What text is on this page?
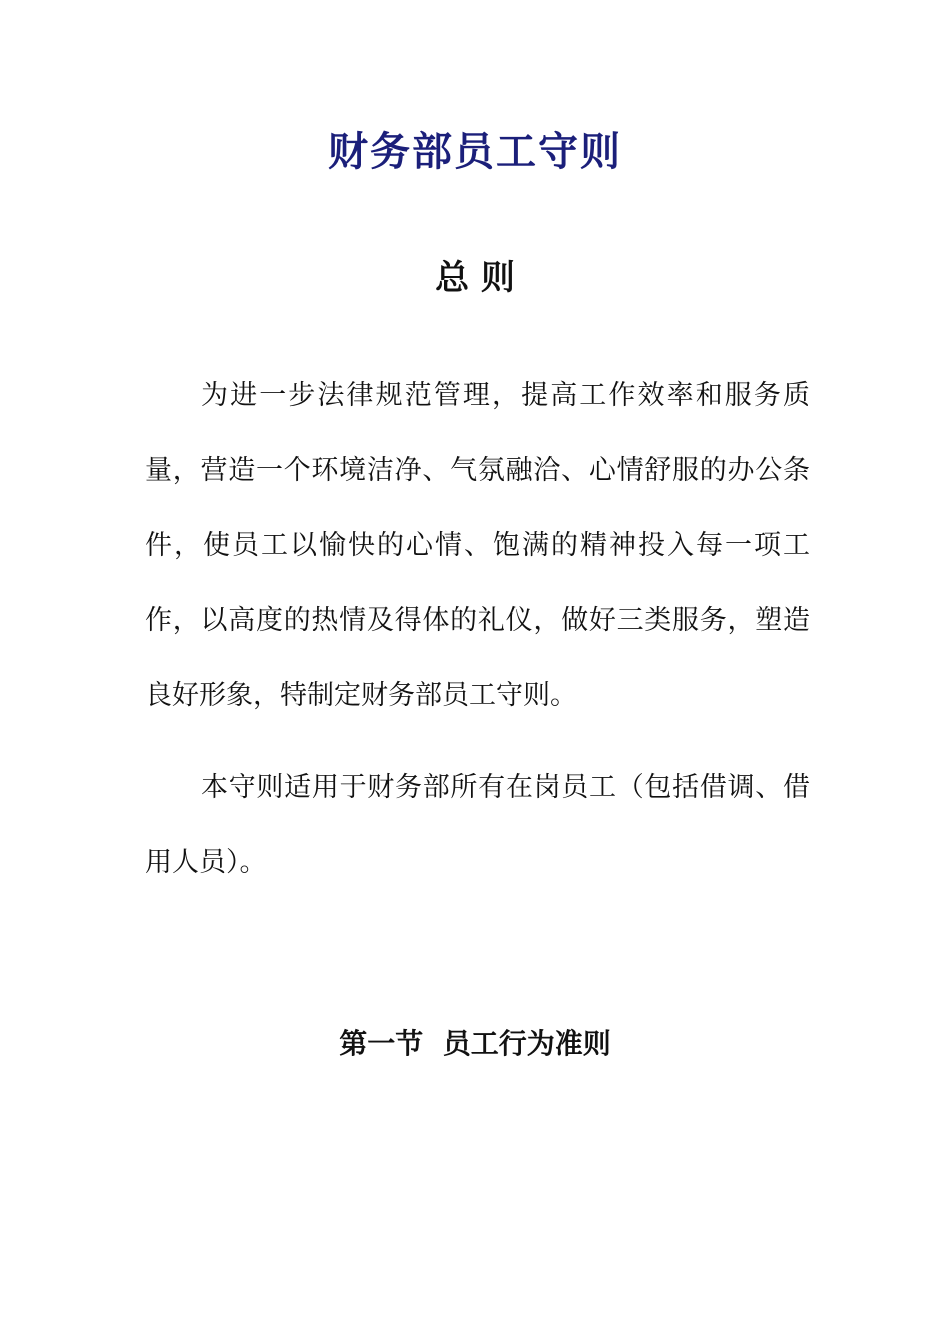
财务部员工守则
总 则

为进一步法律规范管理，提高工作效率和服务质量，营造一个环境洁净、气氛融洽、心情舒服的办公条件，使员工以愉快的心情、饱满的精神投入每一项工作，以高度的热情及得体的礼仪，做好三类服务，塑造良好形象，特制定财务部员工守则。

本守则适用于财务部所有在岗员工（包括借调、借用人员）。

第一节  员工行为准则
